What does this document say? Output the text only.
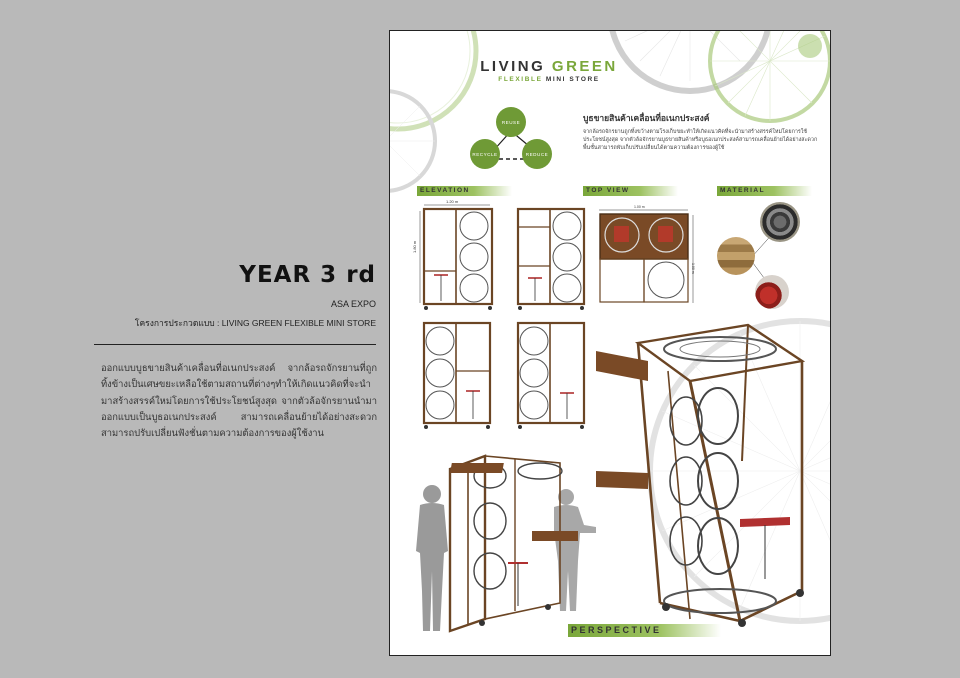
YEAR 3 rd
ASA EXPO
โครงการประกวดแบบ : LIVING GREEN FLEXIBLE MINI STORE
ออกแบบบูธขายสินค้าเคลื่อนที่อเนกประสงค์ จากล้อรถจักรยานที่ถูกทิ้งข้างเป็นเศษขยะเหลือใช้ตามสถานที่ต่างๆทำให้เกิดแนวคิดที่จะนำมาสร้างสรรค์ใหม่โดยการใช้ประโยชน์สูงสุด จากตัวล้อจักรยานนำมาออกแบบเป็นบูธอเนกประสงค์ สามารถเคลื่อนย้ายได้อย่างสะดวก สามารถปรับเปลี่ยนฟังชั่นตามความต้องการของผู้ใช้งาน
LIVING GREEN
FLEXIBLE MINI STORE
REUSE
RECYCLE	REDUCE
บูธขายสินค้าเคลื่อนที่อเนกประสงค์
จากล้อรถจักรยานถูกทิ้งขว้างตามโรงเก็บขยะทำให้เกิดแนวคิดที่จะนำมาสร้างสรรค์ใหม่โดยการใช้ประโยชน์สูงสุด จากตัวล้อจักรยานบูธขายสินค้าหรือบูธอเนกประสงค์สามารถเคลื่อนย้ายได้อย่างสะดวกพื้นชั้นสามารถพับเก็บปรับเปลี่ยนได้ตามความต้องการของผู้ใช้
ELEVATION	TOP VIEW	MATERIAL
PERSPECTIVE
1.20 m
1.80 m
1.00 m
1.00 m
